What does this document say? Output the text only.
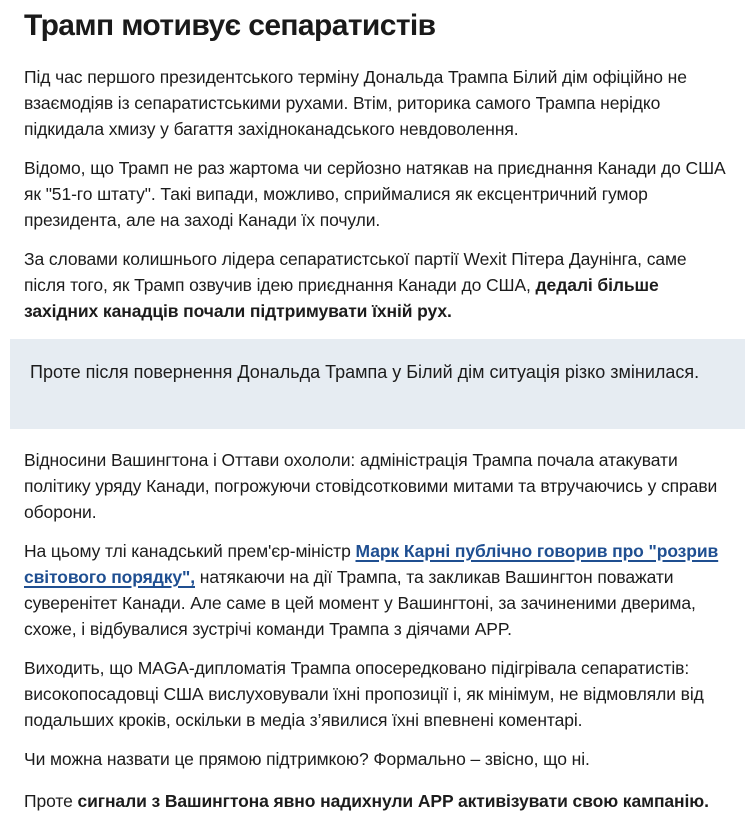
Трамп мотивує сепаратистів

Під час першого президентського терміну Дональда Трампа Білий дім офіційно не взаємодіяв із сепаратистськими рухами. Втім, риторика самого Трампа нерідко підкидала хмизу у багаття західноканадського невдоволення.

Відомо, що Трамп не раз жартома чи серйозно натякав на приєднання Канади до США як "51-го штату". Такі випади, можливо, сприймалися як ексцентричний гумор президента, але на заході Канади їх почули.

За словами колишнього лідера сепаратистської партії Wexit Пітера Даунінга, саме після того, як Трамп озвучив ідею приєднання Канади до США, дедалі більше західних канадців почали підтримувати їхній рух.

Відносини Вашингтона і Оттави охололи: адміністрація Трампа почала атакувати політику уряду Канади, погрожуючи стовідсотковими митами та втручаючись у справи оборони.

На цьому тлі канадський прем'єр-міністр Марк Карні публічно говорив про "розрив світового порядку", натякаючи на дії Трампа, та закликав Вашингтон поважати суверенітет Канади. Але саме в цей момент у Вашингтоні, за зачиненими дверима, схоже, і відбувалися зустрічі команди Трампа з діячами APP.

Виходить, що MAGA-дипломатія Трампа опосередковано підігрівала сепаратистів: високопосадовці США вислуховували їхні пропозиції і, як мінімум, не відмовляли від подальших кроків, оскільки в медіа з’явилися їхні впевнені коментарі.

Чи можна назвати це прямою підтримкою? Формально – звісно, що ні.

Проте сигнали з Вашингтона явно надихнули APP активізувати свою кампанію.

Проте після повернення Дональда Трампа у Білий дім ситуація різко змінилася.
